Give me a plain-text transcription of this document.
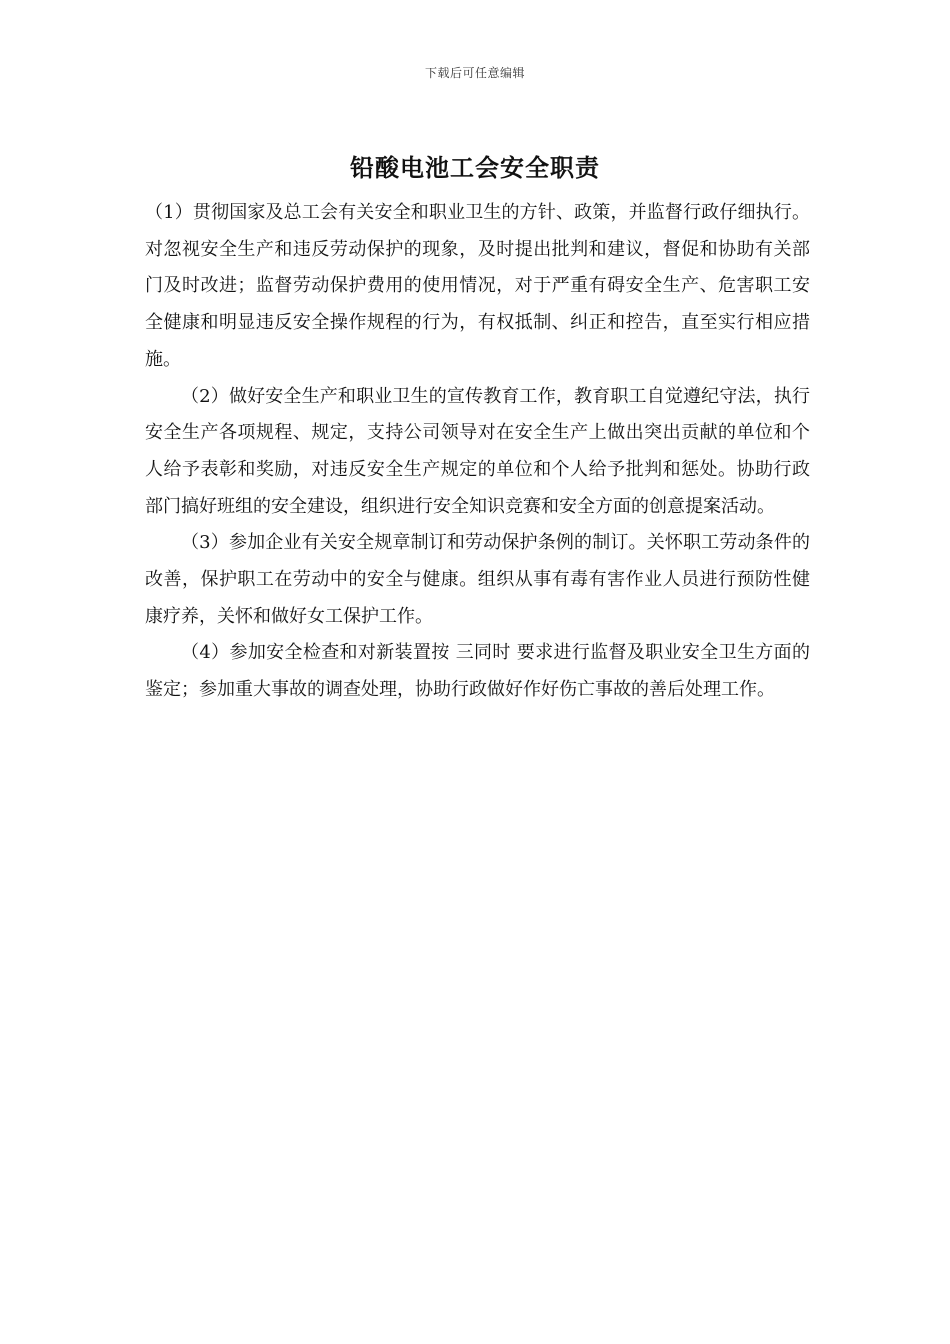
下载后可任意编辑
铅酸电池工会安全职责

（1）贯彻国家及总工会有关安全和职业卫生的方针、政策，并监督行政仔细执行。对忽视安全生产和违反劳动保护的现象，及时提出批判和建议，督促和协助有关部门及时改进；监督劳动保护费用的使用情况，对于严重有碍安全生产、危害职工安全健康和明显违反安全操作规程的行为，有权抵制、纠正和控告，直至实行相应措施。

（2）做好安全生产和职业卫生的宣传教育工作，教育职工自觉遵纪守法，执行安全生产各项规程、规定，支持公司领导对在安全生产上做出突出贡献的单位和个人给予表彰和奖励，对违反安全生产规定的单位和个人给予批判和惩处。协助行政部门搞好班组的安全建设，组织进行安全知识竞赛和安全方面的创意提案活动。

（3）参加企业有关安全规章制订和劳动保护条例的制订。关怀职工劳动条件的改善，保护职工在劳动中的安全与健康。组织从事有毒有害作业人员进行预防性健康疗养，关怀和做好女工保护工作。

（4）参加安全检查和对新装置按 三同时 要求进行监督及职业安全卫生方面的鉴定；参加重大事故的调查处理，协助行政做好作好伤亡事故的善后处理工作。
